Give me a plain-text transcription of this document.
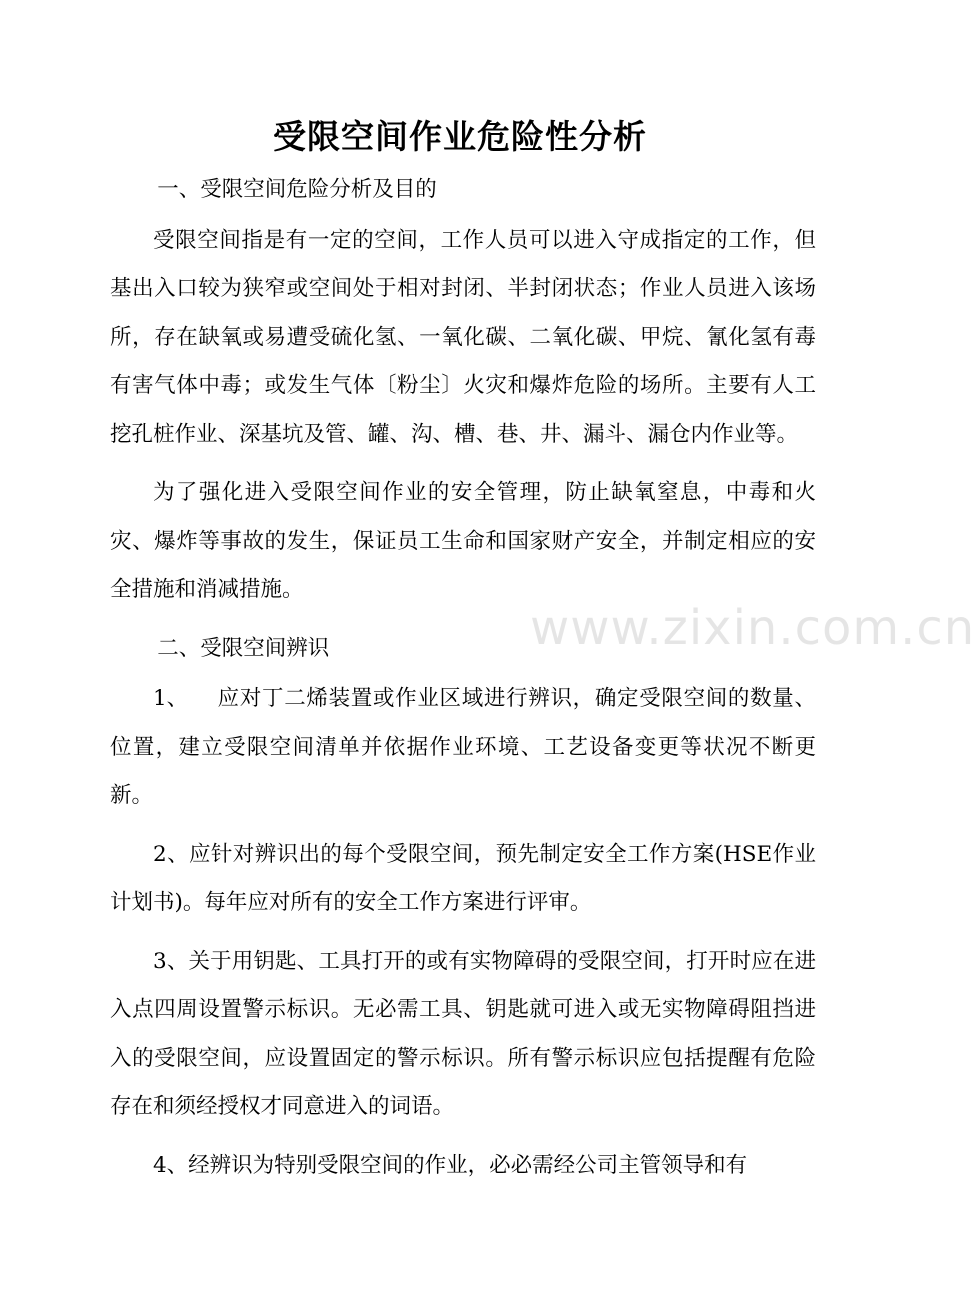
受限空间作业危险性分析

一、受限空间危险分析及目的

受限空间指是有一定的空间，工作人员可以进入守成指定的工作，但基出入口较为狭窄或空间处于相对封闭、半封闭状态；作业人员进入该场所，存在缺氧或易遭受硫化氢、一氧化碳、二氧化碳、甲烷、氰化氢有毒有害气体中毒；或发生气体〔粉尘〕火灾和爆炸危险的场所。主要有人工挖孔桩作业、深基坑及管、罐、沟、槽、巷、井、漏斗、漏仓内作业等。

为了强化进入受限空间作业的安全管理，防止缺氧窒息，中毒和火灾、爆炸等事故的发生，保证员工生命和国家财产安全，并制定相应的安全措施和消减措施。

二、受限空间辨识

1、 应对丁二烯装置或作业区域进行辨识，确定受限空间的数量、位置，建立受限空间清单并依据作业环境、工艺设备变更等状况不断更新。

2、应针对辨识出的每个受限空间，预先制定安全工作方案(HSE作业计划书)。每年应对所有的安全工作方案进行评审。

3、关于用钥匙、工具打开的或有实物障碍的受限空间，打开时应在进入点四周设置警示标识。无必需工具、钥匙就可进入或无实物障碍阻挡进入的受限空间，应设置固定的警示标识。所有警示标识应包括提醒有危险存在和须经授权才同意进入的词语。

4、经辨识为特别受限空间的作业，必必需经公司主管领导和有

www.zixin.com.cn
